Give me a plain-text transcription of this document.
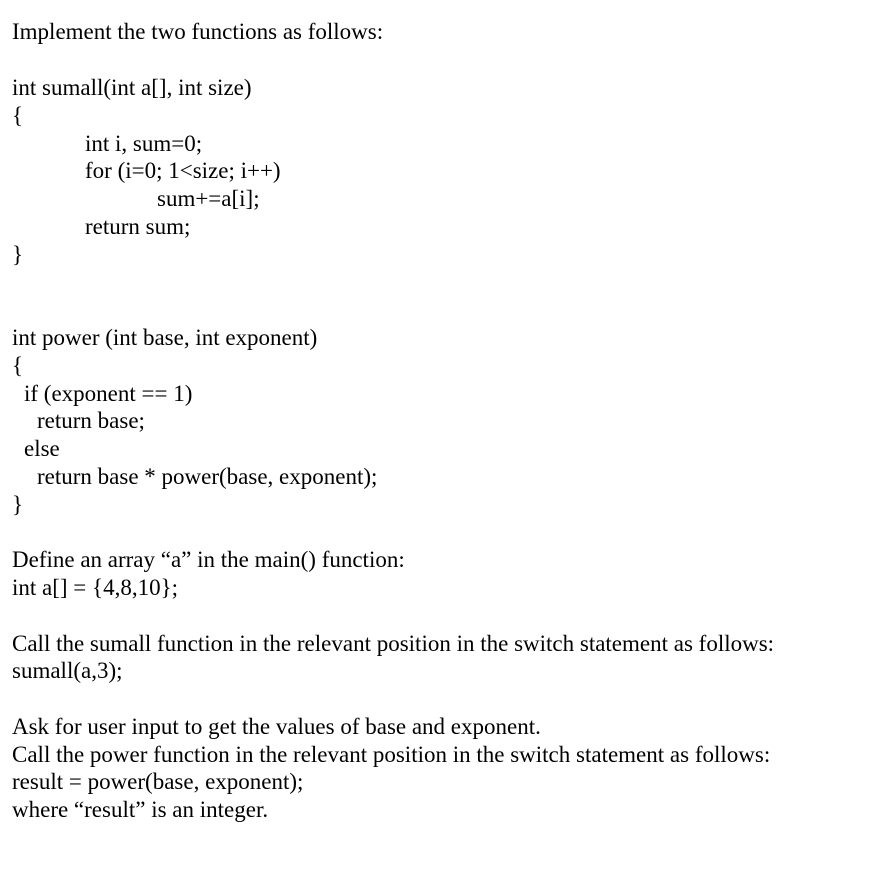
Implement the two functions as follows:
int sumall(int a[], int size)
{
int i, sum=0;
for (i=0; 1<size; i++)
sum+=a[i];
return sum;
}
int power (int base, int exponent)
{
if (exponent == 1)
return base;
else
return base * power(base, exponent);
}
Define an array “a” in the main() function:
int a[] = {4,8,10};
Call the sumall function in the relevant position in the switch statement as follows:
sumall(a,3);
Ask for user input to get the values of base and exponent.
Call the power function in the relevant position in the switch statement as follows:
result = power(base, exponent);
where “result” is an integer.
